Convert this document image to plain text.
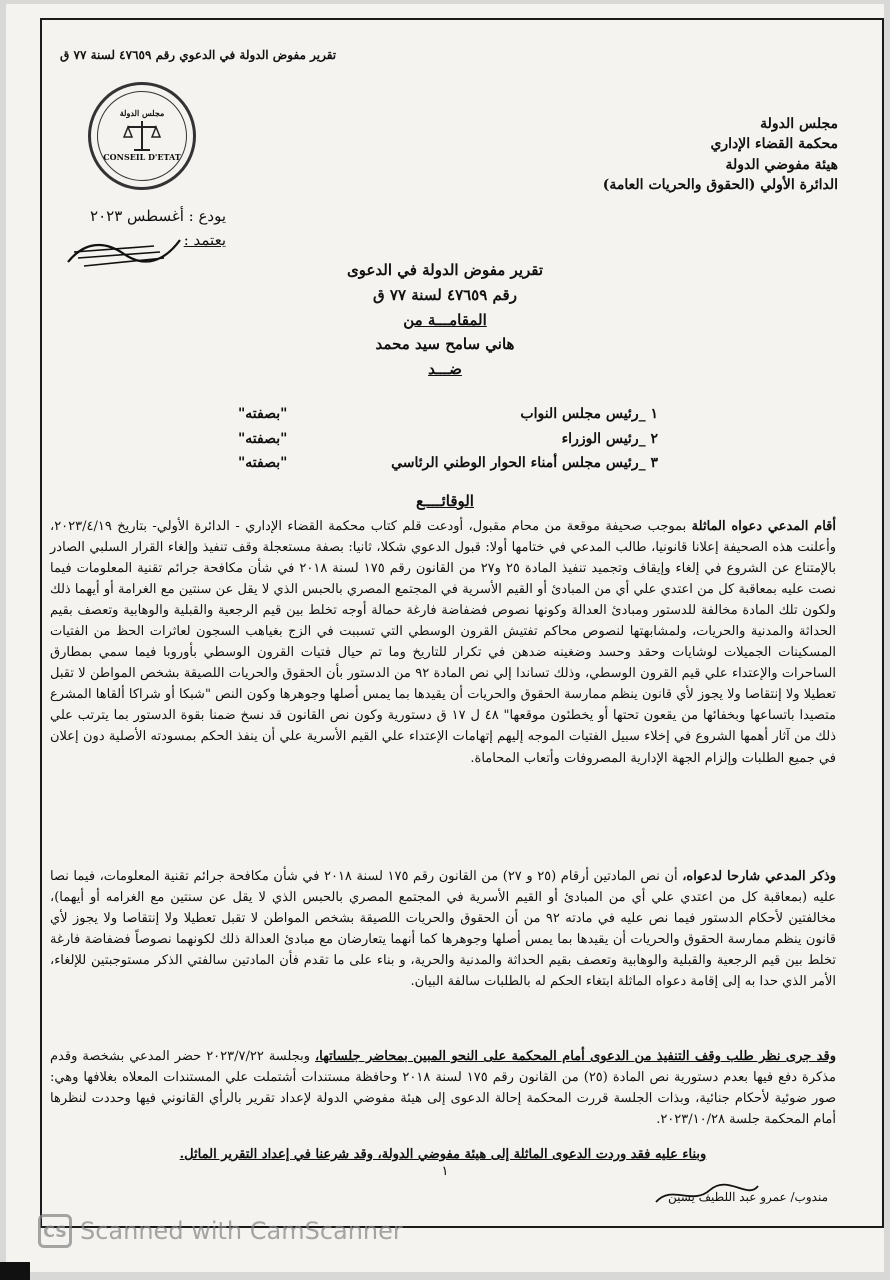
تقرير مفوض الدولة في الدعوي رقم ٤٧٦٥٩ لسنة ٧٧ ق
مجلس الدولة
CONSEIL D'ETAT
مجلس الدولة
محكمة القضاء الإداري
هيئة مفوضي الدولة
الدائرة الأولي (الحقوق والحريات العامة)
يودع : أغسطس ٢٠٢٣
يعتمد :
تقرير مفوض الدولة في الدعوى
رقم ٤٧٦٥٩ لسنة ٧٧ ق
المقامـــة من
هاني سامح سيد محمد
ضـــد
١ _رئيس مجلس النواب
"بصفته"
٢ _رئيس الوزراء
"بصفته"
٣ _رئيس مجلس أمناء الحوار الوطني الرئاسي
"بصفته"
الوقائــــع
أقام المدعي دعواه الماثلة بموجب صحيفة موقعة من محام مقبول، أودعت قلم كتاب محكمة القضاء الإداري - الدائرة الأولي- بتاريخ ٢٠٢٣/٤/١٩، وأعلنت هذه الصحيفة إعلانا قانونيا، طالب المدعي في ختامها أولا: قبول الدعوي شكلا، ثانيا: بصفة مستعجلة وقف تنفيذ وإلغاء القرار السلبي الصادر بالإمتناع عن الشروع في إلغاء وإيقاف وتجميد تنفيذ المادة ٢٥ و٢٧ من القانون رقم ١٧٥ لسنة ٢٠١٨ في شأن مكافحة جرائم تقنية المعلومات فيما نصت عليه بمعاقبة كل من اعتدي علي أي من المبادئ أو القيم الأسرية في المجتمع المصري بالحبس الذي لا يقل عن سنتين مع الغرامة أو أيهما ذلك ولكون تلك المادة مخالفة للدستور ومبادئ العدالة وكونها نصوص فضفاضة فارغة حمالة أوجه تخلط بين قيم الرجعية والقبلية والوهابية وتعصف بقيم الحداثة والمدنية والحريات، ولمشابهتها لنصوص محاكم تفتيش القرون الوسطي التي تسببت في الزج بغياهب السجون لعاثرات الحظ من الفتيات المسكينات الجميلات لوشايات وحقد وحسد وضغينه ضدهن في تكرار للتاريخ وما تم حيال فتيات القرون الوسطي بأوروبا فيما سمي بمطارق الساحرات والإعتداء علي قيم القرون الوسطي، وذلك تساندا إلي نص المادة ٩٢ من الدستور بأن الحقوق والحريات اللصيقة بشخص المواطن لا تقبل تعطيلا ولا إنتقاصا ولا يجوز لأي قانون ينظم ممارسة الحقوق والحريات أن يقيدها بما يمس أصلها وجوهرها وكون النص "شبكا أو شراكا ألقاها المشرع متصيدا باتساعها وبخفائها من يقعون تحتها أو يخطئون موقعها" ٤٨ ل ١٧ ق دستورية وكون نص القانون قد نسخ ضمنا بقوة الدستور بما يترتب علي ذلك من آثار أهمها الشروع في إخلاء سبيل الفتيات الموجه إليهم إتهامات الإعتداء علي القيم الأسرية علي أن ينفذ الحكم بمسودته الأصلية دون إعلان في جميع الطلبات وإلزام الجهة الإدارية المصروفات وأتعاب المحاماة.
وذكر المدعي شارحا لدعواه، أن نص المادتين أرقام (٢٥ و ٢٧) من القانون رقم ١٧٥ لسنة ٢٠١٨ في شأن مكافحة جرائم تقنية المعلومات، فيما نصا عليه (بمعاقبة كل من اعتدي علي أي من المبادئ أو القيم الأسرية في المجتمع المصري بالحبس الذي لا يقل عن سنتين مع الغرامه أو أيهما)، مخالفتين لأحكام الدستور فيما نص عليه في مادته ٩٢ من أن الحقوق والحريات اللصيقة بشخص المواطن لا تقبل تعطيلا ولا إنتقاصا ولا يجوز لأي قانون ينظم ممارسة الحقوق والحريات أن يقيدها بما يمس أصلها وجوهرها كما أنهما يتعارضان مع مبادئ العدالة ذلك لكونهما نصوصاً فضفاضة فارغة تخلط بين قيم الرجعية والقبلية والوهابية وتعصف بقيم الحداثة والمدنية والحرية، و بناء على ما تقدم فأن المادتين سالفتي الذكر مستوجبتين للإلغاء، الأمر الذي حدا به إلى إقامة دعواه الماثلة ابتغاء الحكم له بالطلبات سالفة البيان.
وقد جرى نظر طلب وقف التنفيذ من الدعوى أمام المحكمة على النحو المبين بمحاضر جلساتها، وبجلسة ٢٠٢٣/٧/٢٢ حضر المدعي بشخصة وقدم مذكرة دفع فيها بعدم دستورية نص المادة (٢٥) من القانون رقم ١٧٥ لسنة ٢٠١٨ وحافظة مستندات أشتملت علي المستندات المعلاه بغلافها وهي: صور ضوئية لأحكام جنائية، وبذات الجلسة قررت المحكمة إحالة الدعوى إلى هيئة مفوضي الدولة لإعداد تقرير بالرأي القانوني فيها وحددت لنظرها أمام المحكمة جلسة ٢٠٢٣/١٠/٢٨.
وبناء عليه فقد وردت الدعوى الماثلة إلى هيئة مفوضي الدولة، وقد شرعنا في إعداد التقرير الماثل.
١
مندوب/ عمرو عبد اللطيف يسين
CS Scanned with CamScanner
